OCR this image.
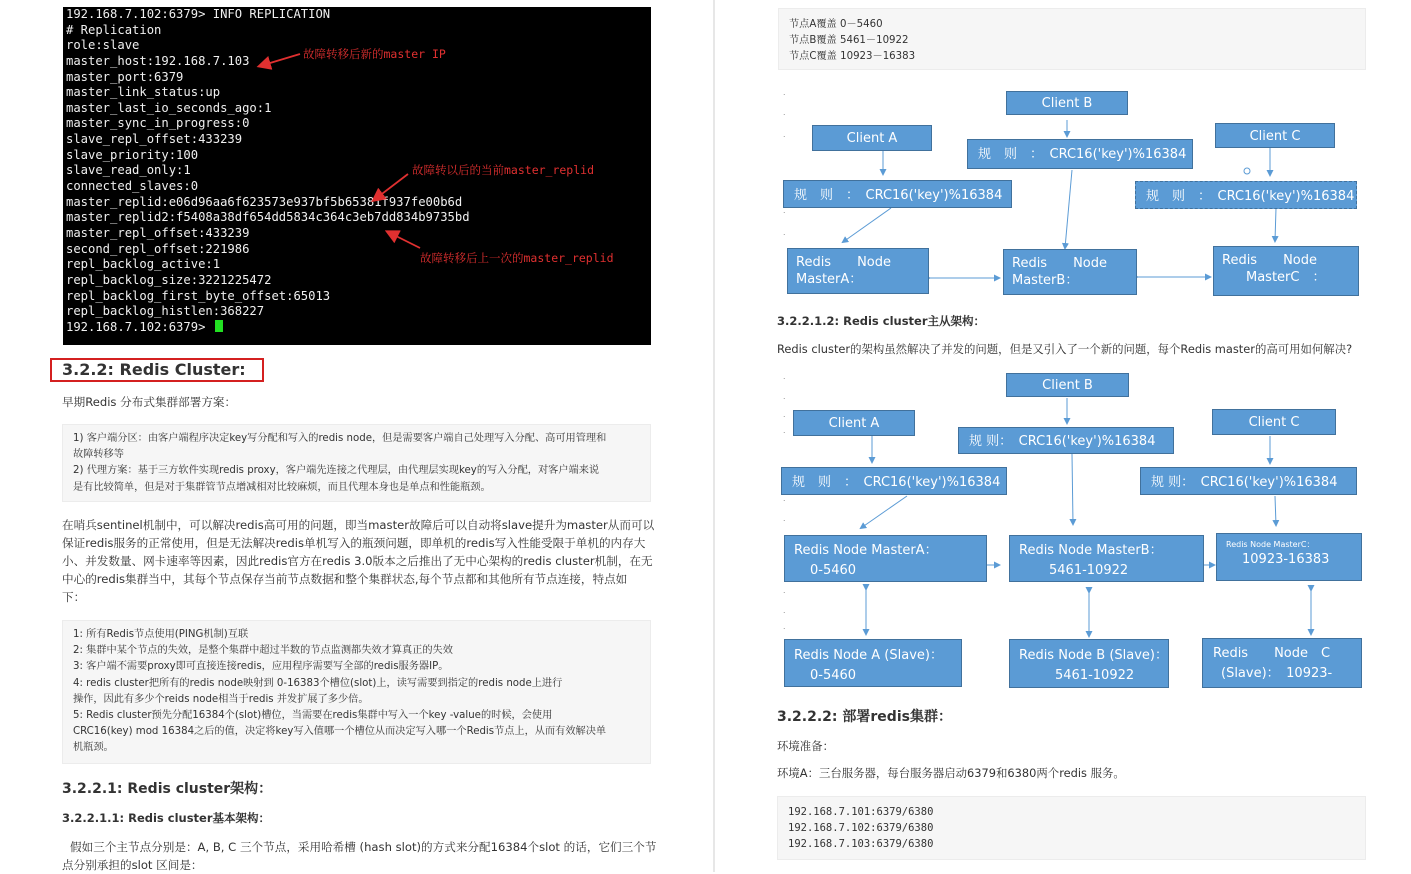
192.168.7.102:6379> INFO REPLICATION
# Replication
role:slave
master_host:192.168.7.103
master_port:6379
master_link_status:up
master_last_io_seconds_ago:1
master_sync_in_progress:0
slave_repl_offset:433239
slave_priority:100
slave_read_only:1
connected_slaves:0
master_replid:e06d96aa6f623573e937bf5b65381f937fe00b6d
master_replid2:f5408a38df654dd5834c364c3eb7dd834b9735bd
master_repl_offset:433239
second_repl_offset:221986
repl_backlog_active:1
repl_backlog_size:3221225472
repl_backlog_first_byte_offset:65013
repl_backlog_histlen:368227
192.168.7.102:6379>
故障转移后新的master IP
故障转以后的当前master_replid
故障转移后上一次的master_replid
3.2.2: Redis Cluster:
早期Redis 分布式集群部署方案：
1) 客户端分区：由客户端程序决定key写分配和写入的redis node，但是需要客户端自己处理写入分配、高可用管理和
故障转移等
2) 代理方案：基于三方软件实现redis proxy，客户端先连接之代理层，由代理层实现key的写入分配，对客户端来说
是有比较简单，但是对于集群管节点增减相对比较麻烦，而且代理本身也是单点和性能瓶颈。
在哨兵sentinel机制中，可以解决redis高可用的问题，即当master故障后可以自动将slave提升为master从而可以
保证redis服务的正常使用，但是无法解决redis单机写入的瓶颈问题，即单机的redis写入性能受限于单机的内存大
小、并发数量、网卡速率等因素，因此redis官方在redis 3.0版本之后推出了无中心架构的redis cluster机制，在无
中心的redis集群当中，其每个节点保存当前节点数据和整个集群状态,每个节点都和其他所有节点连接，特点如
下：
1: 所有Redis节点使用(PING机制)互联
2: 集群中某个节点的失效，是整个集群中超过半数的节点监测都失效才算真正的失效
3: 客户端不需要proxy即可直接连接redis，应用程序需要写全部的redis服务器IP。
4: redis cluster把所有的redis node映射到 0-16383个槽位(slot)上，读写需要到指定的redis node上进行
操作，因此有多少个reids node相当于redis 并发扩展了多少倍。
5: Redis cluster预先分配16384个(slot)槽位，当需要在redis集群中写入一个key -value的时候，会使用
CRC16(key) mod 16384之后的值，决定将key写入值哪一个槽位从而决定写入哪一个Redis节点上，从而有效解决单
机瓶颈。
3.2.2.1: Redis cluster架构：
3.2.2.1.1: Redis cluster基本架构：
假如三个主节点分别是：A, B, C 三个节点，采用哈希槽 (hash slot)的方式来分配16384个slot 的话，它们三个节
点分别承担的slot 区间是：
节点A覆盖 0－5460
节点B覆盖 5461－10922
节点C覆盖 10923－16383
˙
˙
˙
˙
˙
Client B
Client A	Client C
规　则　：　CRC16('key')%16384
规　则　：　CRC16('key')%16384	规　则　：　CRC16('key')%16384
Redis　　Node
MasterA：
Redis　　Node
MasterB：
Redis　　Node
MasterC　：
3.2.2.1.2: Redis cluster主从架构：
Redis cluster的架构虽然解决了并发的问题，但是又引入了一个新的问题，每个Redis master的高可用如何解决?
˙
˙
˙
˙
˙
˙
˙
˙
˙
Client B
Client A	Client C
规 则：　CRC16('key')%16384
规　则　：　CRC16('key')%16384	规 则：　CRC16('key')%16384
Redis Node MasterA：
0-5460
Redis Node MasterB：
5461-10922
Redis Node MasterC：
10923-16383
Redis Node A (Slave)：
0-5460
Redis Node B (Slave)：
5461-10922
Redis　　Node　C
(Slave)：　10923-
3.2.2.2: 部署redis集群：
环境准备：
环境A：三台服务器，每台服务器启动6379和6380两个redis 服务。
192.168.7.101:6379/6380
192.168.7.102:6379/6380
192.168.7.103:6379/6380
